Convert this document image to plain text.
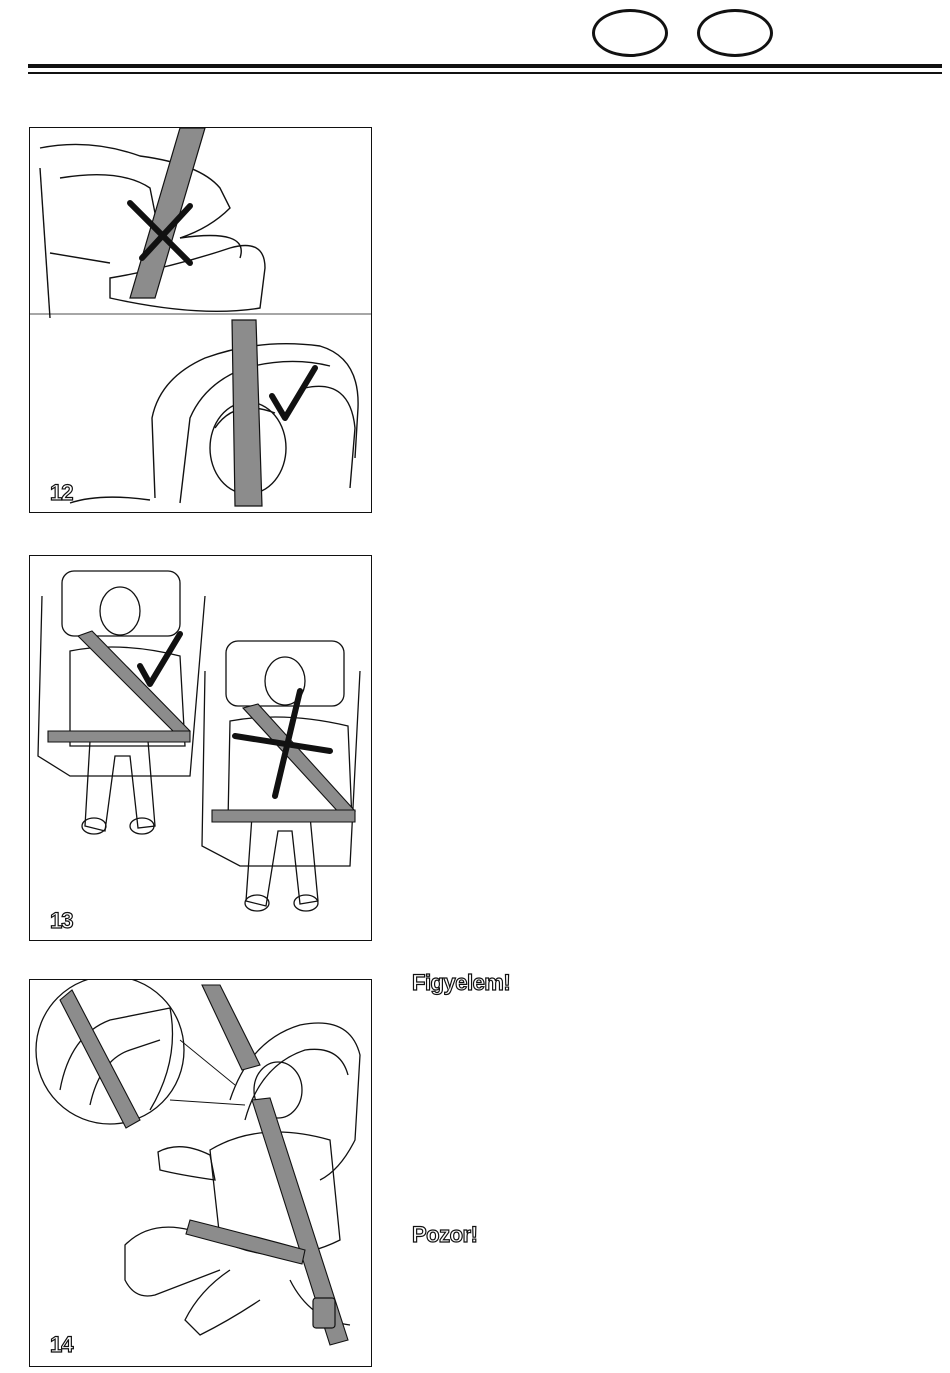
12
13
14
Figyelem!
Pozor!
